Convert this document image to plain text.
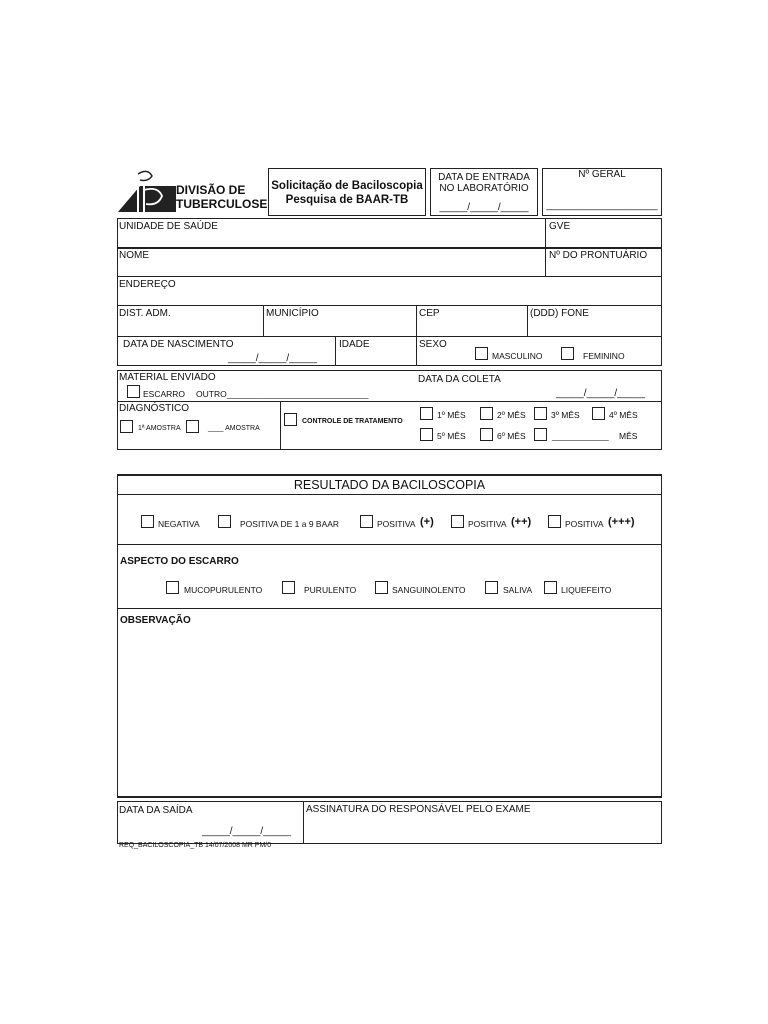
DIVISÃO DE
TUBERCULOSE
Solicitação de Baciloscopia
Pesquisa de BAAR-TB
DATA DE ENTRADA
NO LABORATÓRIO
_____/_____/_____
Nº GERAL
____________________
UNIDADE DE SAÚDE	GVE
NOME	Nº DO PRONTUÁRIO
ENDEREÇO
DIST. ADM.	MUNICÍPIO	CEP	(DDD) FONE
DATA DE NASCIMENTO
_____/_____/_____
IDADE	SEXO
MASCULINO	FEMININO
MATERIAL ENVIADO
ESCARRO OUTRO______________________________
DATA DA COLETA
_____/_____/_____
DIAGNÓSTICO
1ª AMOSTRA	____ AMOSTRA
CONTROLE DE TRATAMENTO
1º MÊS	2º MÊS	3º MÊS	4º MÊS
5º MÊS	6º MÊS	____________ MÊS
RESULTADO DA BACILOSCOPIA
NEGATIVA	POSITIVA DE 1 a 9 BAAR	POSITIVA (+)	POSITIVA (++)	POSITIVA (+++)
ASPECTO DO ESCARRO
MUCOPURULENTO	PURULENTO	SANGUINOLENTO	SALIVA	LIQUEFEITO
OBSERVAÇÃO
DATA DA SAÍDA
_____/_____/_____
ASSINATURA DO RESPONSÁVEL PELO EXAME
REQ_BACILOSCOPIA_TB 14/07/2008 MR PM/0
